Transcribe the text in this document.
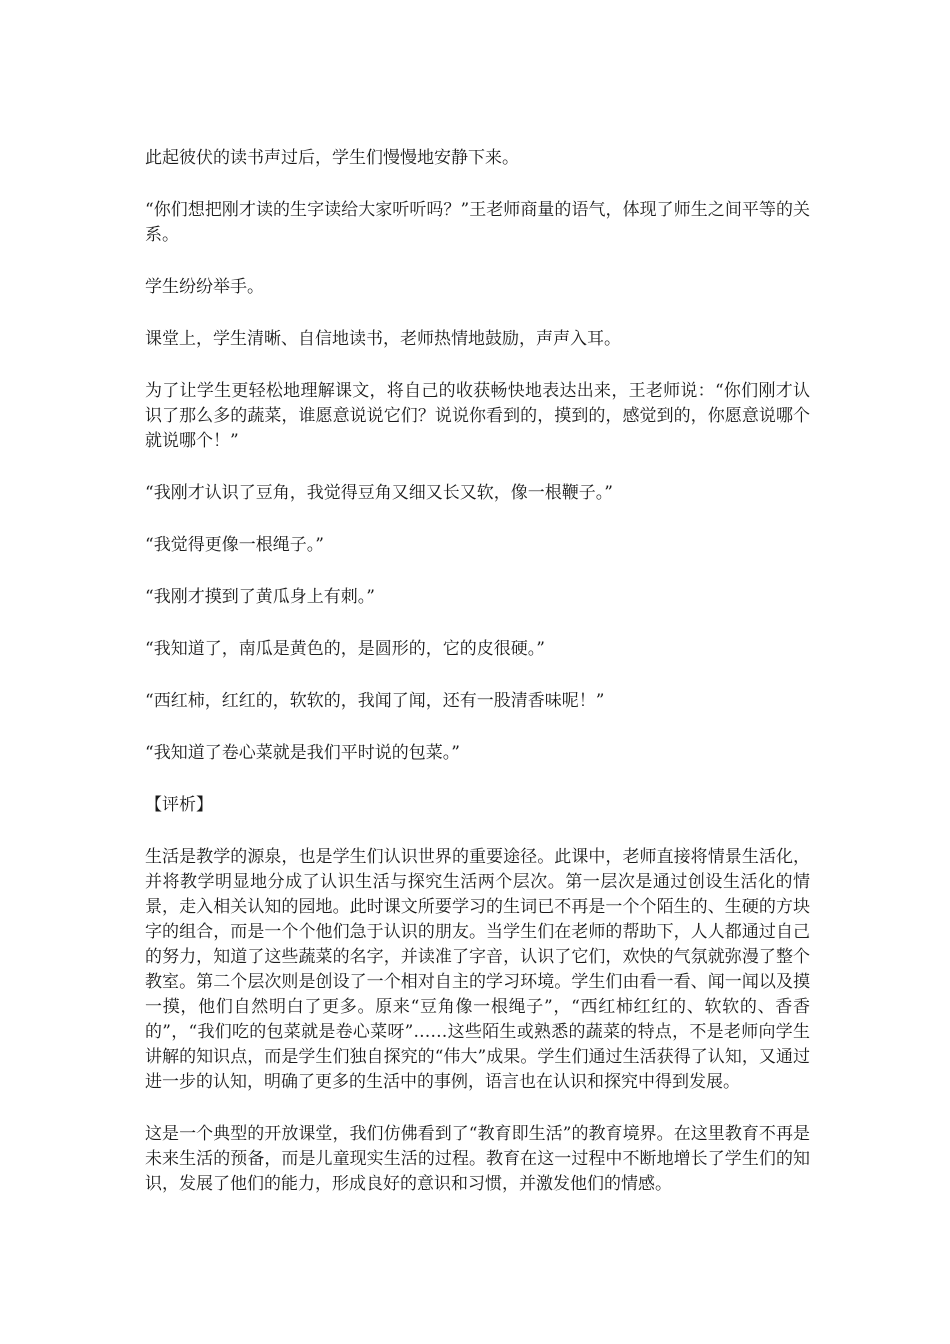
此起彼伏的读书声过后，学生们慢慢地安静下来。

“你们想把刚才读的生字读给大家听听吗？”王老师商量的语气，体现了师生之间平等的关系。

学生纷纷举手。

课堂上，学生清晰、自信地读书，老师热情地鼓励，声声入耳。

为了让学生更轻松地理解课文，将自己的收获畅快地表达出来，王老师说：“你们刚才认识了那么多的蔬菜，谁愿意说说它们？说说你看到的，摸到的，感觉到的，你愿意说哪个就说哪个！”

“我刚才认识了豆角，我觉得豆角又细又长又软，像一根鞭子。”

“我觉得更像一根绳子。”

“我刚才摸到了黄瓜身上有刺。”

“我知道了，南瓜是黄色的，是圆形的，它的皮很硬。”

“西红柿，红红的，软软的，我闻了闻，还有一股清香味呢！”

“我知道了卷心菜就是我们平时说的包菜。”

【评析】

生活是教学的源泉，也是学生们认识世界的重要途径。此课中，老师直接将情景生活化，并将教学明显地分成了认识生活与探究生活两个层次。第一层次是通过创设生活化的情景，走入相关认知的园地。此时课文所要学习的生词已不再是一个个陌生的、生硬的方块字的组合，而是一个个他们急于认识的朋友。当学生们在老师的帮助下，人人都通过自己的努力，知道了这些蔬菜的名字，并读准了字音，认识了它们，欢快的气氛就弥漫了整个教室。第二个层次则是创设了一个相对自主的学习环境。学生们由看一看、闻一闻以及摸一摸，他们自然明白了更多。原来“豆角像一根绳子”，“西红柿红红的、软软的、香香的”，“我们吃的包菜就是卷心菜呀”……这些陌生或熟悉的蔬菜的特点，不是老师向学生讲解的知识点，而是学生们独自探究的“伟大”成果。学生们通过生活获得了认知，又通过进一步的认知，明确了更多的生活中的事例，语言也在认识和探究中得到发展。

这是一个典型的开放课堂，我们仿佛看到了“教育即生活”的教育境界。在这里教育不再是未来生活的预备，而是儿童现实生活的过程。教育在这一过程中不断地增长了学生们的知识，发展了他们的能力，形成良好的意识和习惯，并激发他们的情感。
